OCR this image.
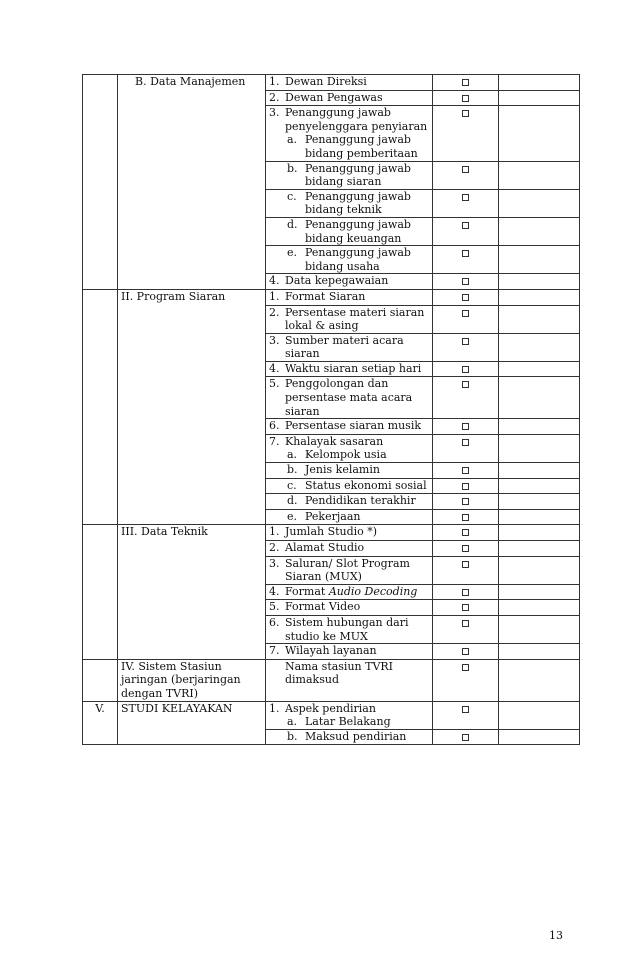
	B. Data Manajemen	1. Dewan Direksi		

		2. Dewan Pengawas		

		3. Penanggung jawab penyelenggara penyiaran
a. Penanggung jawab bidang pemberitaan		

		b. Penanggung jawab bidang siaran		

		c. Penanggung jawab bidang teknik		

		d. Penanggung jawab bidang keuangan		

		e. Penanggung jawab bidang usaha		

		4. Data kepegawaian		

	II. Program Siaran	1. Format Siaran		

		2. Persentase materi siaran lokal & asing		

		3. Sumber materi acara siaran		

		4. Waktu siaran setiap hari		

		5. Penggolongan dan persentase mata acara siaran		

		6. Persentase siaran musik		

		7. Khalayak sasaran
a. Kelompok usia		

		b. Jenis kelamin		

		c. Status ekonomi sosial		

		d. Pendidikan terakhir		

		e. Pekerjaan		

	III. Data Teknik	1. Jumlah Studio *)		

		2. Alamat Studio		

		3. Saluran/ Slot Program Siaran (MUX)		

		4. Format Audio Decoding		

		5. Format Video		

		6. Sistem hubungan dari studio ke MUX		

		7. Wilayah layanan		

	IV. Sistem Stasiun jaringan (berjaringan dengan TVRI)	Nama stasiun TVRI dimaksud		

V.	STUDI KELAYAKAN	1. Aspek pendirian
a. Latar Belakang		

		b. Maksud pendirian		

13
